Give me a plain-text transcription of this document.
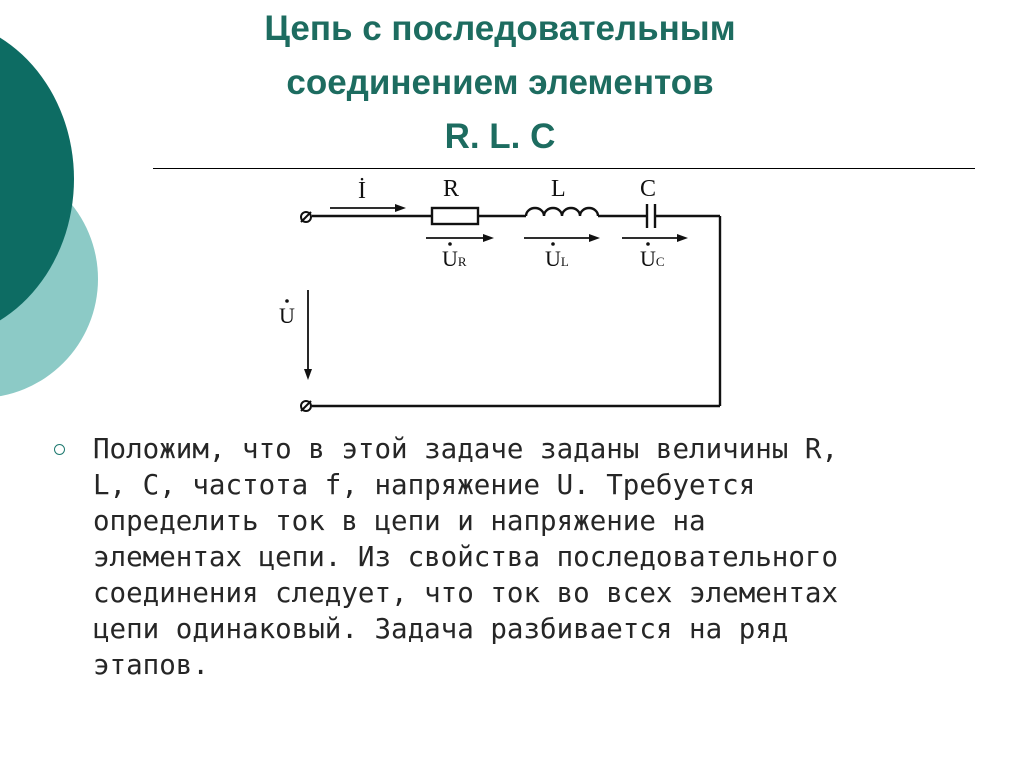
Цепь с последовательным
соединением элементов
R. L. C
İ	R	L	C
UR	UL	UC
U

Положим, что в этой задаче заданы величины R,
L, C, частота f, напряжение U. Требуется
определить ток в цепи и напряжение на
элементах цепи. Из свойства последовательного
соединения следует, что ток во всех элементах
цепи одинаковый. Задача разбивается на ряд
этапов.
